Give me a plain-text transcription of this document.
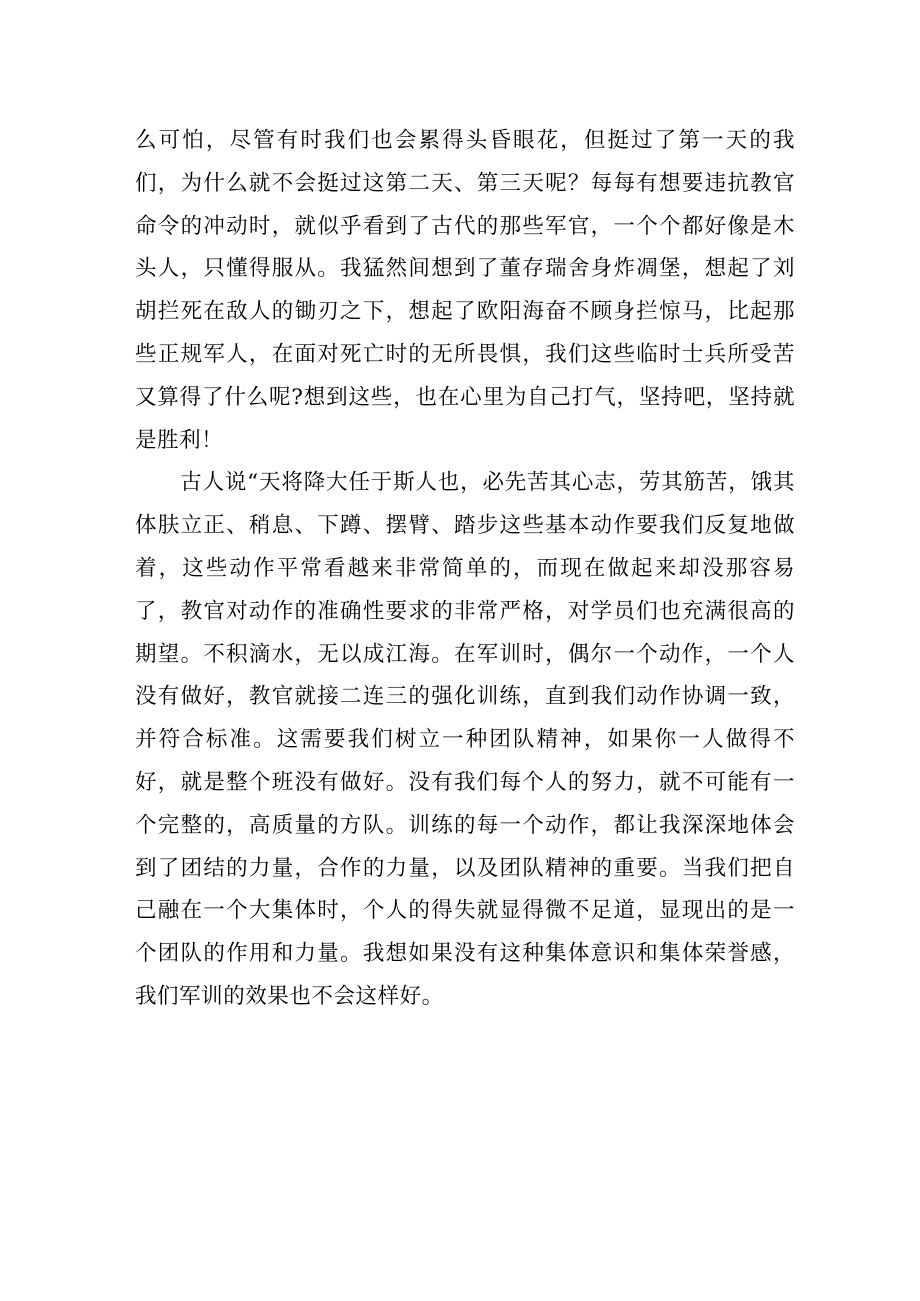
么可怕，尽管有时我们也会累得头昏眼花，但挺过了第一天的我们，为什么就不会挺过这第二天、第三天呢？每每有想要违抗教官命令的冲动时，就似乎看到了古代的那些军官，一个个都好像是木头人，只懂得服从。我猛然间想到了董存瑞舍身炸凋堡，想起了刘胡拦死在敌人的锄刃之下，想起了欧阳海奋不顾身拦惊马，比起那些正规军人，在面对死亡时的无所畏惧，我们这些临时士兵所受苦又算得了什么呢?想到这些，也在心里为自己打气，坚持吧，坚持就是胜利！

古人说“天将降大任于斯人也，必先苦其心志，劳其筋苦，饿其体肤立正、稍息、下蹲、摆臂、踏步这些基本动作要我们反复地做着，这些动作平常看越来非常简单的，而现在做起来却没那容易了，教官对动作的准确性要求的非常严格，对学员们也充满很高的期望。不积滴水，无以成江海。在军训时，偶尔一个动作，一个人没有做好，教官就接二连三的强化训练，直到我们动作协调一致，并符合标准。这需要我们树立一种团队精神，如果你一人做得不好，就是整个班没有做好。没有我们每个人的努力，就不可能有一个完整的，高质量的方队。训练的每一个动作，都让我深深地体会到了团结的力量，合作的力量，以及团队精神的重要。当我们把自己融在一个大集体时，个人的得失就显得微不足道，显现出的是一个团队的作用和力量。我想如果没有这种集体意识和集体荣誉感，我们军训的效果也不会这样好。
